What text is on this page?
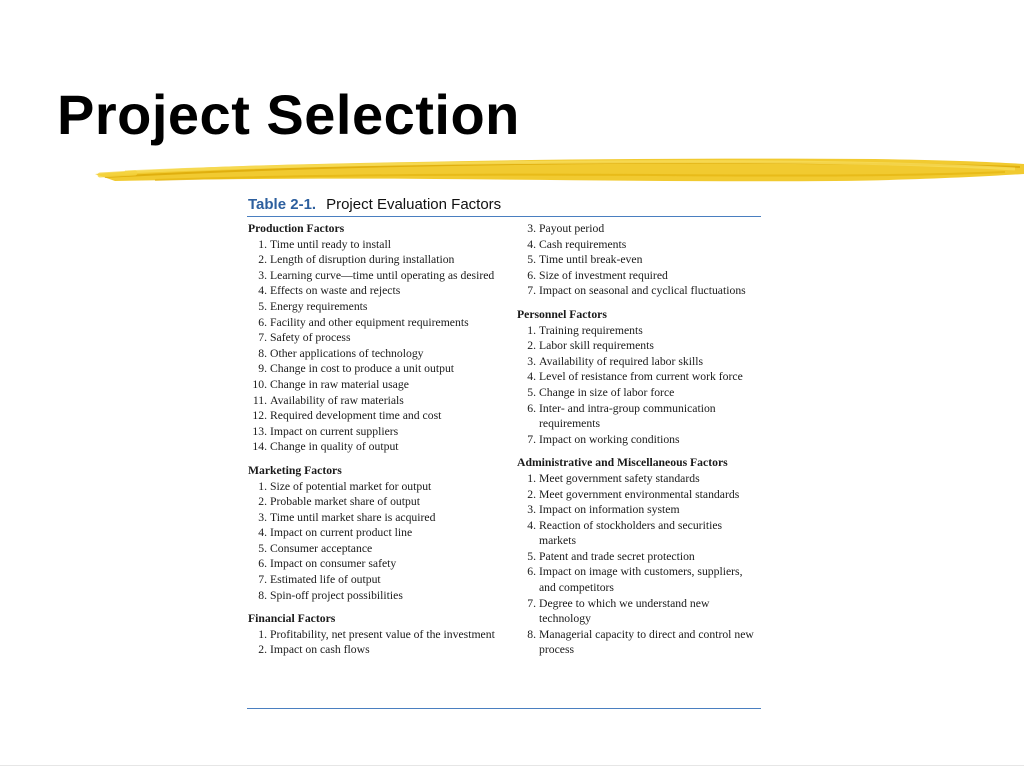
Project Selection
Table 2-1. Project Evaluation Factors
Production Factors
1. Time until ready to install
2. Length of disruption during installation
3. Learning curve—time until operating as desired
4. Effects on waste and rejects
5. Energy requirements
6. Facility and other equipment requirements
7. Safety of process
8. Other applications of technology
9. Change in cost to produce a unit output
10. Change in raw material usage
11. Availability of raw materials
12. Required development time and cost
13. Impact on current suppliers
14. Change in quality of output
Marketing Factors
1. Size of potential market for output
2. Probable market share of output
3. Time until market share is acquired
4. Impact on current product line
5. Consumer acceptance
6. Impact on consumer safety
7. Estimated life of output
8. Spin-off project possibilities
Financial Factors
1. Profitability, net present value of the investment
2. Impact on cash flows
3. Payout period
4. Cash requirements
5. Time until break-even
6. Size of investment required
7. Impact on seasonal and cyclical fluctuations
Personnel Factors
1. Training requirements
2. Labor skill requirements
3. Availability of required labor skills
4. Level of resistance from current work force
5. Change in size of labor force
6. Inter- and intra-group communication requirements
7. Impact on working conditions
Administrative and Miscellaneous Factors
1. Meet government safety standards
2. Meet government environmental standards
3. Impact on information system
4. Reaction of stockholders and securities markets
5. Patent and trade secret protection
6. Impact on image with customers, suppliers, and competitors
7. Degree to which we understand new technology
8. Managerial capacity to direct and control new process
